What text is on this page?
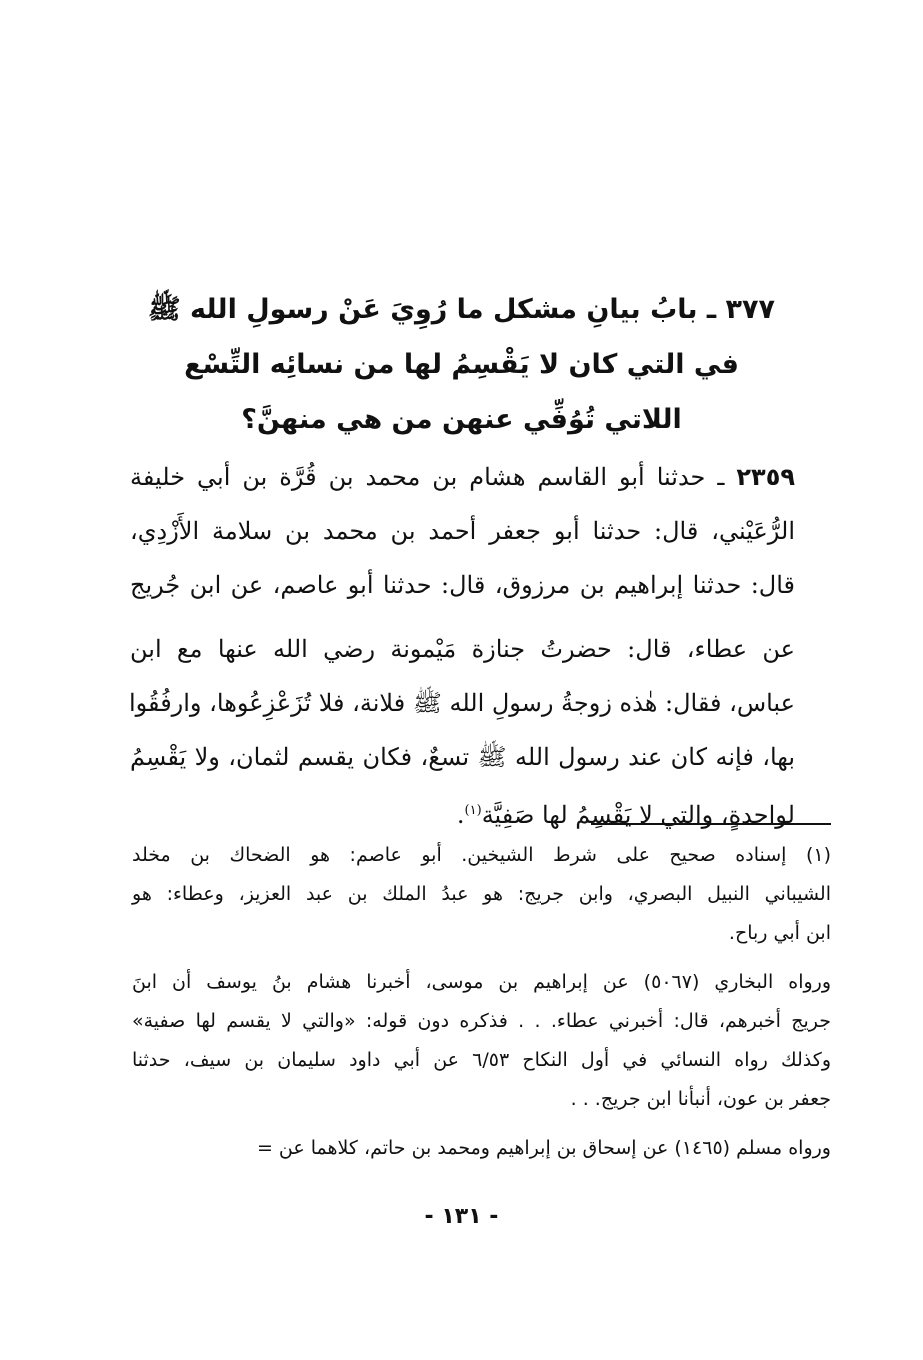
٣٧٧ ـ بابُ بيانِ مشكل ما رُوِيَ عَنْ رسولِ الله ﷺ
في التي كان لا يَقْسِمُ لها من نسائِه التِّسْع
اللاتي تُوُفِّي عنهن من هي منهنَّ؟
٢٣٥٩ ـ حدثنا أبو القاسم هشام بن محمد بن قُرَّة بن أبي خليفة
الرُّعَيْني، قال: حدثنا أبو جعفر أحمد بن محمد بن سلامة الأَزْدِي،
قال: حدثنا إبراهيم بن مرزوق، قال: حدثنا أبو عاصم، عن ابن جُريج
عن عطاء، قال: حضرتُ جنازة مَيْمونة رضي الله عنها مع ابن
عباس، فقال: هٰذه زوجةُ رسولِ الله ﷺ فلانة، فلا تُزَعْزِعُوها، وارفُقُوا
بها، فإنه كان عند رسول الله ﷺ تسعٌ، فكان يقسم لثمان، ولا يَقْسِمُ
لواحدةٍ، والتي لا يَقْسِمُ لها صَفِيَّة$^{(١)}$.
(١) إسناده صحيح على شرط الشيخين. أبو عاصم: هو الضحاك بن مخلد
الشيباني النبيل البصري، وابن جريج: هو عبدُ الملك بن عبد العزيز، وعطاء: هو
ابن أبي رباح.
ورواه البخاري (٥٠٦٧) عن إبراهيم بن موسى، أخبرنا هشام بنُ يوسف أن ابنَ
جريج أخبرهم، قال: أخبرني عطاء. . . فذكره دون قوله: «والتي لا يقسم لها صفية»
وكذلك رواه النسائي في أول النكاح ٦/٥٣ عن أبي داود سليمان بن سيف، حدثنا
جعفر بن عون، أنبأنا ابن جريج. . .
ورواه مسلم (١٤٦٥) عن إسحاق بن إبراهيم ومحمد بن حاتم، كلاهما عن =
- ١٣١ -
